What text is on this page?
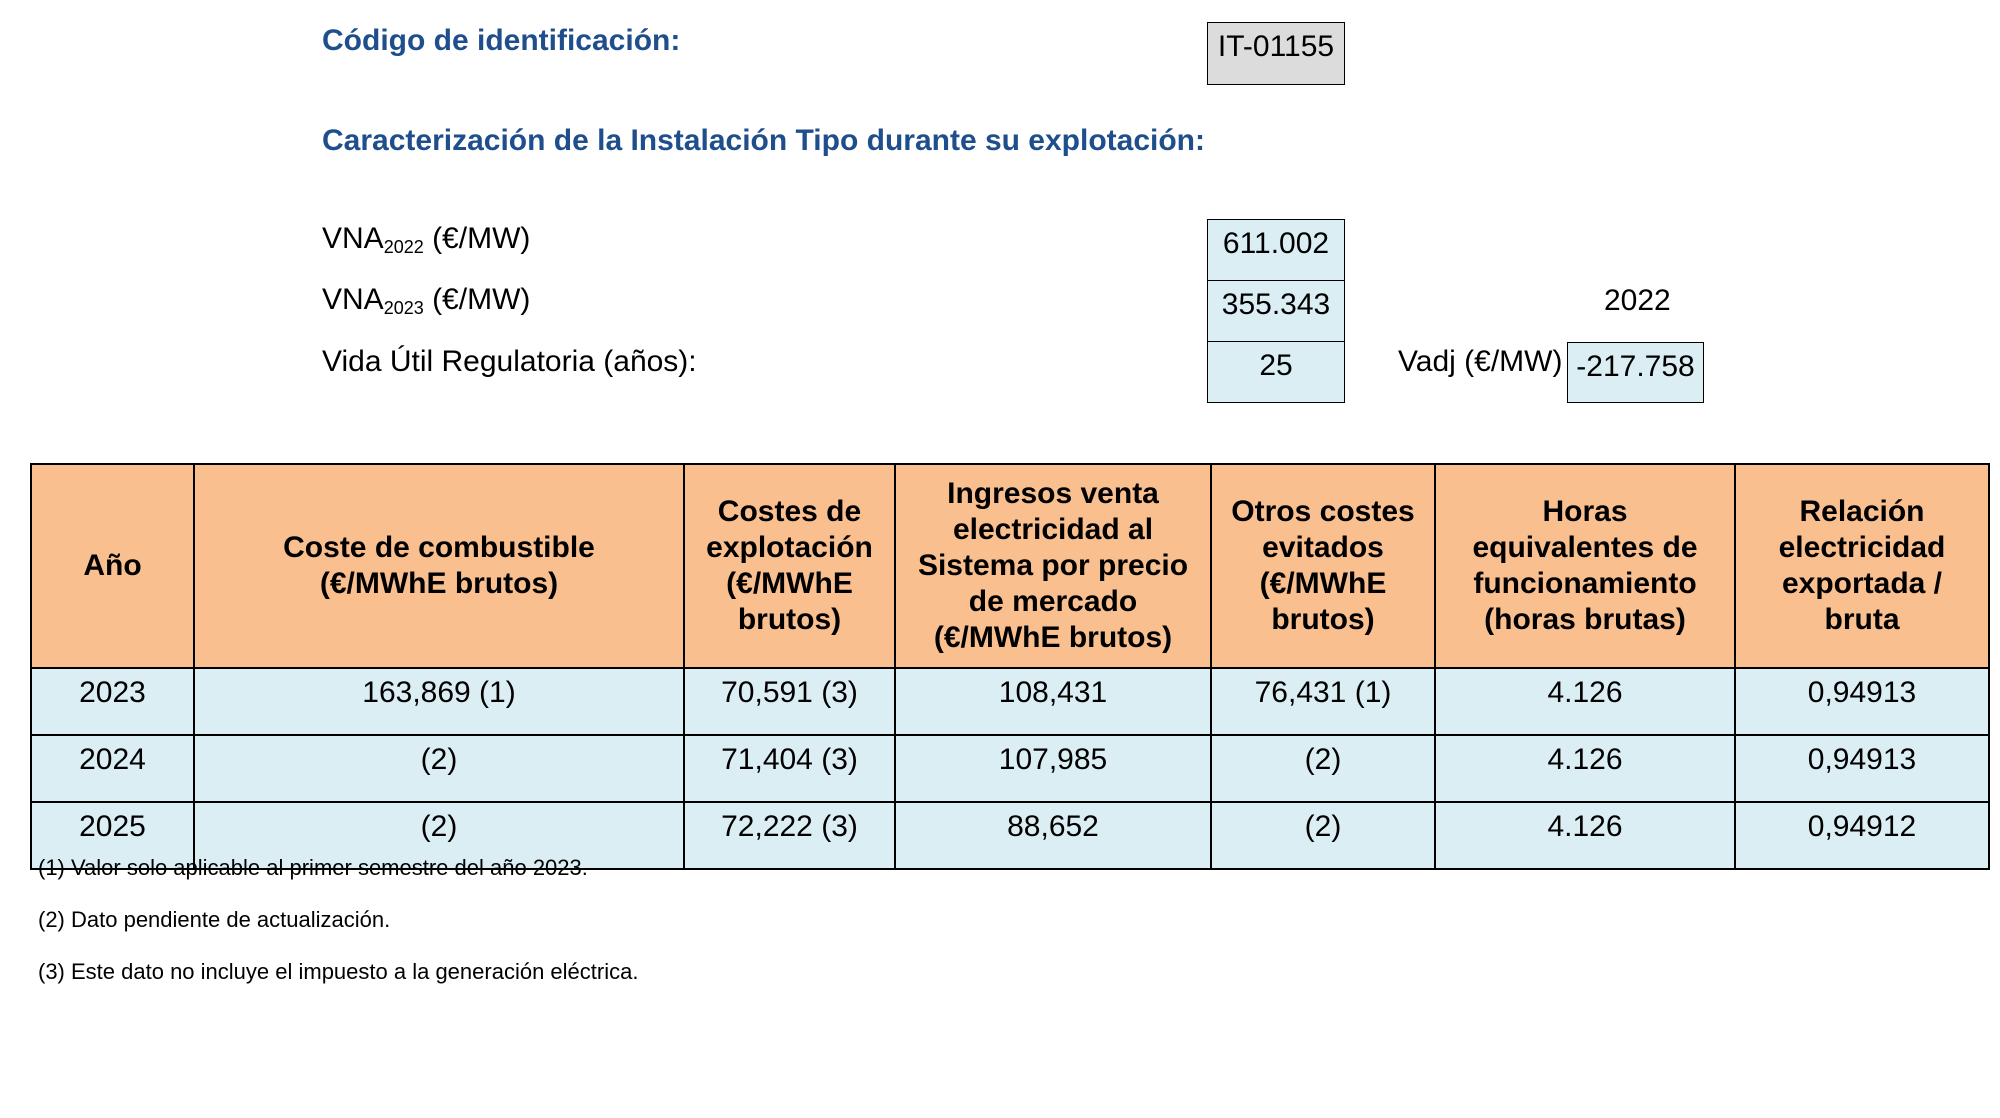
Código de identificación:	IT-01155
Caracterización de la Instalación Tipo durante su explotación:
$VNA_{2022}$ (€/MW)	611.002
$VNA_{2023}$ (€/MW)	355.343	2022
Vida Útil Regulatoria (años):	25	Vadj (€/MW) -217.758
Año	Coste de combustible (€/MWhE brutos)	Costes de explotación (€/MWhE brutos)	Ingresos venta electricidad al Sistema por precio de mercado (€/MWhE brutos)	Otros costes evitados (€/MWhE brutos)	Horas equivalentes de funcionamiento (horas brutas)	Relación electricidad exportada / bruta
2023	163,869 (1)	70,591 (3)	108,431	76,431 (1)	4.126	0,94913
2024	(2)	71,404 (3)	107,985	(2)	4.126	0,94913
2025	(2)	72,222 (3)	88,652	(2)	4.126	0,94912
(1) Valor solo aplicable al primer semestre del año 2023.
(2) Dato pendiente de actualización.
(3) Este dato no incluye el impuesto a la generación eléctrica.
